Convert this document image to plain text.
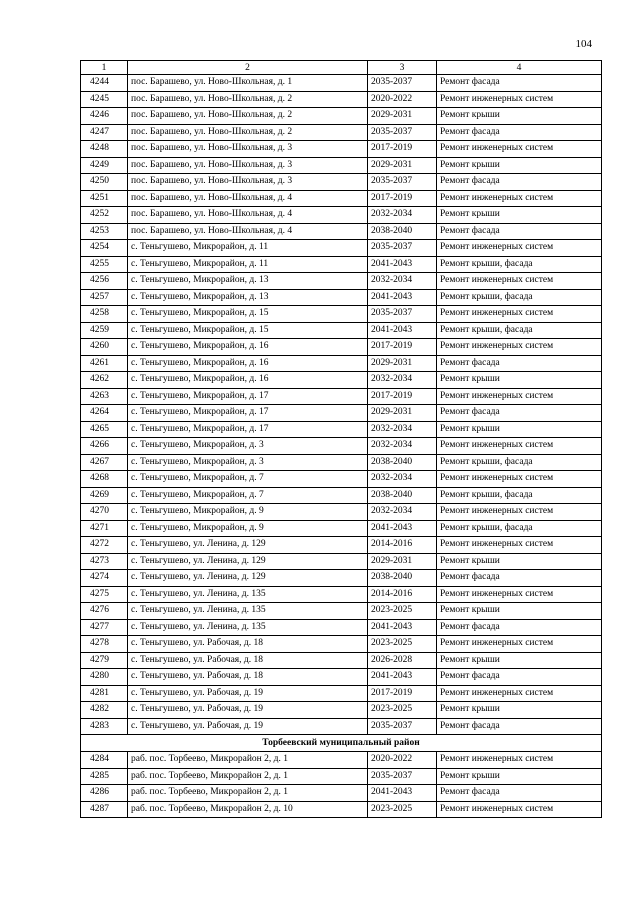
104
1	2	3	4
4244	пос. Барашево, ул. Ново-Школьная, д. 1	2035-2037	Ремонт фасада
4245	пос. Барашево, ул. Ново-Школьная, д. 2	2020-2022	Ремонт инженерных систем
4246	пос. Барашево, ул. Ново-Школьная, д. 2	2029-2031	Ремонт крыши
4247	пос. Барашево, ул. Ново-Школьная, д. 2	2035-2037	Ремонт фасада
4248	пос. Барашево, ул. Ново-Школьная, д. 3	2017-2019	Ремонт инженерных систем
4249	пос. Барашево, ул. Ново-Школьная, д. 3	2029-2031	Ремонт крыши
4250	пос. Барашево, ул. Ново-Школьная, д. 3	2035-2037	Ремонт фасада
4251	пос. Барашево, ул. Ново-Школьная, д. 4	2017-2019	Ремонт инженерных систем
4252	пос. Барашево, ул. Ново-Школьная, д. 4	2032-2034	Ремонт крыши
4253	пос. Барашево, ул. Ново-Школьная, д. 4	2038-2040	Ремонт фасада
4254	с. Теньгушево, Микрорайон, д. 11	2035-2037	Ремонт инженерных систем
4255	с. Теньгушево, Микрорайон, д. 11	2041-2043	Ремонт крыши, фасада
4256	с. Теньгушево, Микрорайон, д. 13	2032-2034	Ремонт инженерных систем
4257	с. Теньгушево, Микрорайон, д. 13	2041-2043	Ремонт крыши, фасада
4258	с. Теньгушево, Микрорайон, д. 15	2035-2037	Ремонт инженерных систем
4259	с. Теньгушево, Микрорайон, д. 15	2041-2043	Ремонт крыши, фасада
4260	с. Теньгушево, Микрорайон, д. 16	2017-2019	Ремонт инженерных систем
4261	с. Теньгушево, Микрорайон, д. 16	2029-2031	Ремонт фасада
4262	с. Теньгушево, Микрорайон, д. 16	2032-2034	Ремонт крыши
4263	с. Теньгушево, Микрорайон, д. 17	2017-2019	Ремонт инженерных систем
4264	с. Теньгушево, Микрорайон, д. 17	2029-2031	Ремонт фасада
4265	с. Теньгушево, Микрорайон, д. 17	2032-2034	Ремонт крыши
4266	с. Теньгушево, Микрорайон, д. 3	2032-2034	Ремонт инженерных систем
4267	с. Теньгушево, Микрорайон, д. 3	2038-2040	Ремонт крыши, фасада
4268	с. Теньгушево, Микрорайон, д. 7	2032-2034	Ремонт инженерных систем
4269	с. Теньгушево, Микрорайон, д. 7	2038-2040	Ремонт крыши, фасада
4270	с. Теньгушево, Микрорайон, д. 9	2032-2034	Ремонт инженерных систем
4271	с. Теньгушево, Микрорайон, д. 9	2041-2043	Ремонт крыши, фасада
4272	с. Теньгушево, ул. Ленина, д. 129	2014-2016	Ремонт инженерных систем
4273	с. Теньгушево, ул. Ленина, д. 129	2029-2031	Ремонт крыши
4274	с. Теньгушево, ул. Ленина, д. 129	2038-2040	Ремонт фасада
4275	с. Теньгушево, ул. Ленина, д. 135	2014-2016	Ремонт инженерных систем
4276	с. Теньгушево, ул. Ленина, д. 135	2023-2025	Ремонт крыши
4277	с. Теньгушево, ул. Ленина, д. 135	2041-2043	Ремонт фасада
4278	с. Теньгушево, ул. Рабочая, д. 18	2023-2025	Ремонт инженерных систем
4279	с. Теньгушево, ул. Рабочая, д. 18	2026-2028	Ремонт крыши
4280	с. Теньгушево, ул. Рабочая, д. 18	2041-2043	Ремонт фасада
4281	с. Теньгушево, ул. Рабочая, д. 19	2017-2019	Ремонт инженерных систем
4282	с. Теньгушево, ул. Рабочая, д. 19	2023-2025	Ремонт крыши
4283	с. Теньгушево, ул. Рабочая, д. 19	2035-2037	Ремонт фасада
Торбеевский муниципальный район			
4284	раб. пос. Торбеево, Микрорайон 2, д. 1	2020-2022	Ремонт инженерных систем
4285	раб. пос. Торбеево, Микрорайон 2, д. 1	2035-2037	Ремонт крыши
4286	раб. пос. Торбеево, Микрорайон 2, д. 1	2041-2043	Ремонт фасада
4287	раб. пос. Торбеево, Микрорайон 2, д. 10	2023-2025	Ремонт инженерных систем
